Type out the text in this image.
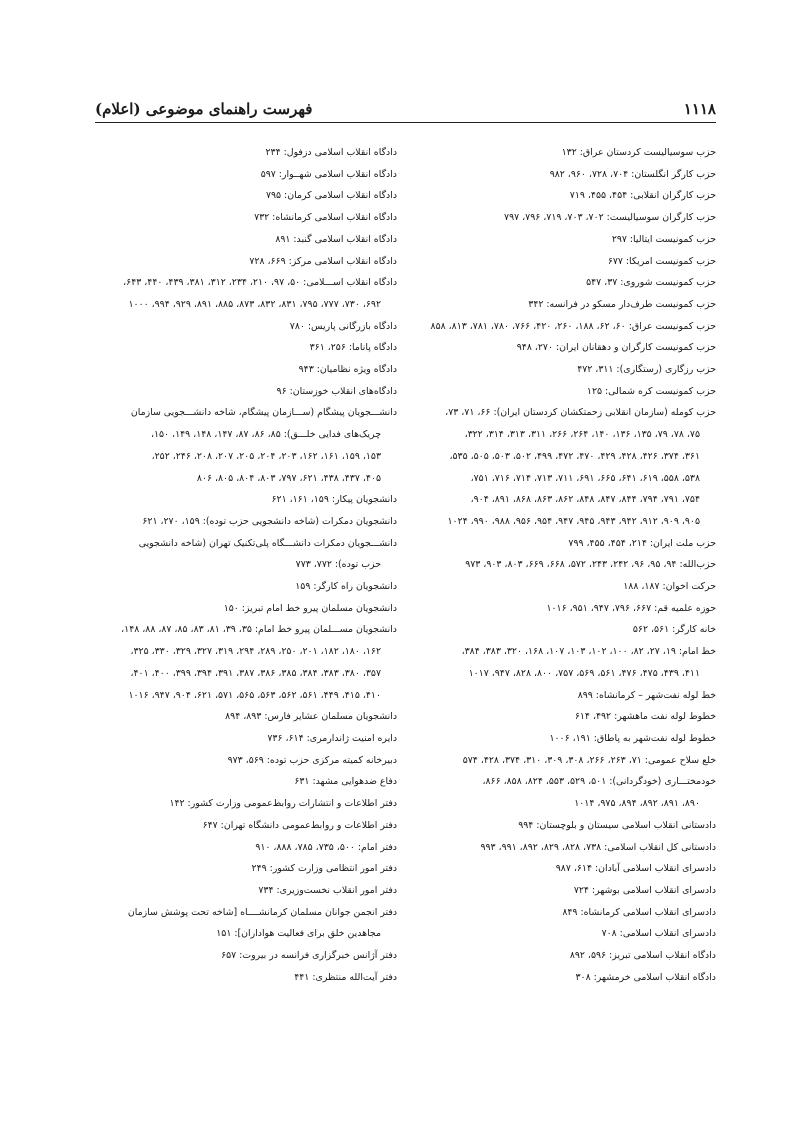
۱۱۱۸
فهرست راهنمای موضوعی (اعلام)
حزب سوسیالیست کردستان عراق: ۱۳۲
حزب کارگر انگلستان: ۷۰۴، ۷۲۸، ۹۶۰، ۹۸۲
حزب کارگران انقلابی: ۴۵۴، ۴۵۵، ۷۱۹
حزب کارگران سوسیالیست: ۷۰۲، ۷۰۳، ۷۱۹، ۷۹۶، ۷۹۷
حزب کمونیست ایتالیا: ۲۹۷
حزب کمونیست امریکا: ۶۷۷
حزب کمونیست شوروی: ۳۷، ۵۴۷
حزب کمونیست طرف‌دار مسکو در فرانسه: ۳۴۲
حزب کمونیست عراق: ۶۰، ۶۲، ۱۸۸، ۲۶۰، ۴۲۰، ۷۶۶، ۷۸۰، ۷۸۱، ۸۱۳، ۸۵۸
حزب کمونیست کارگران و دهقانان ایران: ۲۷۰، ۹۴۸
حزب رزگاری (رستگاری): ۳۱۱، ۴۷۲
حزب کمونیست کره شمالی: ۱۲۵
حزب کومله (سازمان انقلابی زحمتکشان کردستان ایران): ۶۶، ۷۱، ۷۳،
۷۵، ۷۸، ۷۹، ۱۳۵، ۱۳۶، ۱۴۰، ۲۶۴، ۲۶۶، ۳۱۱، ۳۱۳، ۳۱۴، ۳۲۲،
۳۶۱، ۳۷۴، ۴۲۶، ۴۲۸، ۴۲۹، ۴۷۰، ۴۷۲، ۴۹۹، ۵۰۲، ۵۰۳، ۵۰۵، ۵۳۵،
۵۳۸، ۵۵۸، ۶۱۹، ۶۴۱، ۶۶۵، ۶۹۱، ۷۱۱، ۷۱۳، ۷۱۴، ۷۱۶، ۷۵۱،
۷۵۴، ۷۹۱، ۷۹۴، ۸۴۴، ۸۴۷، ۸۴۸، ۸۶۲، ۸۶۳، ۸۶۸، ۸۹۱، ۹۰۴،
۹۰۵، ۹۰۹، ۹۱۲، ۹۴۲، ۹۴۳، ۹۴۵، ۹۴۷، ۹۵۴، ۹۵۶، ۹۸۸، ۹۹۰، ۱۰۲۴
حزب ملت ایران: ۲۱۴، ۴۵۴، ۴۵۵، ۷۹۹
حزب‌الله: ۹۴، ۹۵، ۹۶، ۲۴۲، ۲۴۳، ۵۷۲، ۶۶۸، ۶۶۹، ۸۰۳، ۹۰۳، ۹۷۳
حرکت اخوان: ۱۸۷، ۱۸۸
حوزه علمیه قم: ۶۶۷، ۷۹۶، ۹۴۷، ۹۵۱، ۱۰۱۶
خانه کارگر: ۵۶۱، ۵۶۲
خط امام: ۱۹، ۲۷، ۸۲، ۱۰۰، ۱۰۲، ۱۰۳، ۱۰۷، ۱۶۸، ۳۲۰، ۳۸۳، ۳۸۴،
۴۱۱، ۴۳۹، ۴۷۵، ۴۷۶، ۵۶۱، ۵۶۹، ۷۵۷، ۸۰۰، ۸۲۸، ۹۴۷، ۱۰۱۷
خط لوله نفت‌شهر – کرمانشاه: ۸۹۹
خطوط لوله نفت ماهشهر: ۴۹۲، ۶۱۴
خطوط لوله نفت‌شهر به پاطاق: ۱۹۱، ۱۰۰۶
خلع سلاح عمومی: ۷۱، ۲۶۳، ۲۶۶، ۳۰۸، ۳۰۹، ۳۱۰، ۳۷۴، ۴۲۸، ۵۷۴
خودمختـــاری (خودگردانی): ۵۰۱، ۵۲۹، ۵۵۳، ۸۲۴، ۸۵۸، ۸۶۶،
۸۹۰، ۸۹۱، ۸۹۲، ۸۹۴، ۹۷۵، ۱۰۱۴
دادستانی انقلاب اسلامی سیستان و بلوچستان: ۹۹۴
دادستانی کل انقلاب اسلامی: ۷۳۸، ۸۲۸، ۸۲۹، ۸۹۲، ۹۹۱، ۹۹۳
دادسرای انقلاب اسلامی آبادان: ۶۱۴، ۹۸۷
دادسرای انقلاب اسلامی بوشهر: ۷۲۴
دادسرای انقلاب اسلامی کرمانشاه: ۸۴۹
دادسرای انقلاب اسلامی: ۷۰۸
دادگاه انقلاب اسلامی تبریز: ۵۹۶، ۸۹۲
دادگاه انقلاب اسلامی خرمشهر: ۳۰۸
دادگاه انقلاب اسلامی دزفول: ۲۳۴
دادگاه انقلاب اسلامی شهــوار: ۵۹۷
دادگاه انقلاب اسلامی کرمان: ۷۹۵
دادگاه انقلاب اسلامی کرمانشاه: ۷۳۲
دادگاه انقلاب اسلامی گنبد: ۸۹۱
دادگاه انقلاب اسلامی مرکز: ۶۶۹، ۷۲۸
دادگاه انقلاب اســـلامی: ۵۰، ۹۷، ۲۱۰، ۲۳۴، ۳۱۲، ۳۸۱، ۴۳۹، ۴۴۰، ۶۴۳،
۶۹۲، ۷۳۰، ۷۷۷، ۷۹۵، ۸۳۱، ۸۳۲، ۸۷۳، ۸۸۵، ۸۹۱، ۹۲۹، ۹۹۴، ۱۰۰۰
دادگاه بازرگانی پاریس: ۷۸۰
دادگاه پاناما: ۲۵۶، ۳۶۱
دادگاه ویژه نظامیان: ۹۴۳
دادگاه‌های انقلاب خوزستان: ۹۶
دانشـــجویان پیشگام (ســـازمان پیشگام، شاخه دانشـــجویی سازمان
چریک‌های فدایی خلـــق): ۸۵، ۸۶، ۸۷، ۱۴۷، ۱۴۸، ۱۴۹، ۱۵۰،
۱۵۳، ۱۵۹، ۱۶۱، ۱۶۲، ۲۰۳، ۲۰۴، ۲۰۵، ۲۰۷، ۲۰۸، ۲۴۶، ۲۵۲،
۴۰۵، ۴۳۷، ۴۳۸، ۶۲۱، ۷۹۷، ۸۰۳، ۸۰۴، ۸۰۵، ۸۰۶
دانشجویان پیکار: ۱۵۹، ۱۶۱، ۶۲۱
دانشجویان دمکرات (شاخه دانشجویی حزب توده): ۱۵۹، ۲۷۰، ۶۲۱
دانشـــجویان دمکرات دانشـــگاه پلی‌تکنیک تهران (شاخه دانشجویی
حزب توده): ۷۷۲، ۷۷۳
دانشجویان راه کارگر: ۱۵۹
دانشجویان مسلمان پیرو خط امام تبریز: ۱۵۰
دانشجویان مســـلمان پیرو خط امام: ۳۵، ۳۹، ۸۱، ۸۳، ۸۵، ۸۷، ۸۸، ۱۴۸،
۱۶۲، ۱۸۰، ۱۸۲، ۲۰۱، ۲۵۰، ۲۸۹، ۲۹۴، ۳۱۹، ۳۲۷، ۳۲۹، ۳۳۰، ۳۲۵،
۳۵۷، ۳۸۰، ۳۸۳، ۳۸۴، ۳۸۵، ۳۸۶، ۳۸۷، ۳۹۱، ۳۹۴، ۳۹۹، ۴۰۰، ۴۰۱،
۴۱۰، ۴۱۵، ۴۴۹، ۵۶۱، ۵۶۲، ۵۶۳، ۵۶۵، ۵۷۱، ۶۲۱، ۹۰۴، ۹۴۷، ۱۰۱۶
دانشجویان مسلمان عشایر فارس: ۸۹۳، ۸۹۴
دایره امنیت ژاندارمری: ۶۱۴، ۷۳۶
دبیرخانه کمیته مرکزی حزب توده: ۵۶۹، ۹۷۳
دفاع ضدهوایی مشهد: ۶۳۱
دفتر اطلاعات و انتشارات روابط‌عمومی وزارت کشور: ۱۴۲
دفتر اطلاعات و روابط‌عمومی دانشگاه تهران: ۶۴۷
دفتر امام: ۵۰۰، ۷۳۵، ۷۸۵، ۸۸۸، ۹۱۰
دفتر امور انتظامی وزارت کشور: ۲۴۹
دفتر امور انقلاب نخست‌وزیری: ۷۳۴
دفتر انجمن جوانان مسلمان کرمانشــــاه [شاخه تحت پوشش سازمان
مجاهدین خلق برای فعالیت هواداران]: ۱۵۱
دفتر آژانس خبرگزاری فرانسه در بیروت: ۶۵۷
دفتر آیت‌الله منتظری: ۴۴۱
